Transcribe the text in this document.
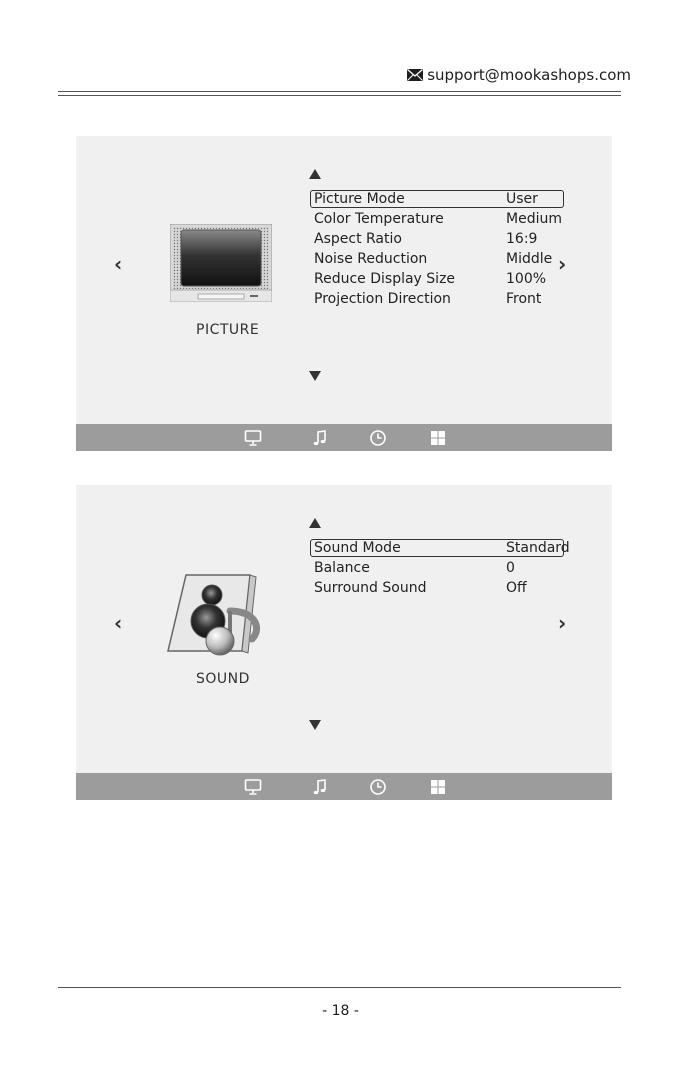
support@mookashops.com
‹	›
PICTURE
Picture Mode	User
Color Temperature	Medium
Aspect Ratio	16:9
Noise Reduction	Middle
Reduce Display Size	100%
Projection Direction	Front
‹	›
SOUND
Sound Mode	Standard
Balance	0
Surround Sound	Off
- 18 -
